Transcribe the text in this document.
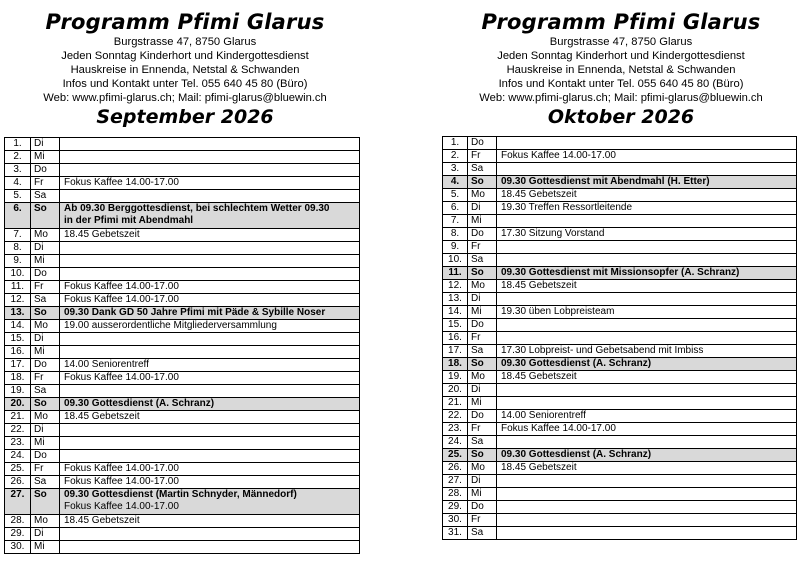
Programm Pfimi Glarus
Burgstrasse 47, 8750 Glarus
Jeden Sonntag Kinderhort und Kindergottesdienst
Hauskreise in Ennenda, Netstal & Schwanden
Infos und Kontakt unter Tel. 055 640 45 80 (Büro)
Web: www.pfimi-glarus.ch; Mail: pfimi-glarus@bluewin.ch
September 2026
1.	Di	

2.	Mi	

3.	Do	

4.	Fr	Fokus Kaffee 14.00-17.00

5.	Sa	

6.	So	Ab 09.30 Berggottesdienst, bei schlechtem Wetter 09.30
in der Pfimi mit Abendmahl

7.	Mo	18.45 Gebetszeit

8.	Di	

9.	Mi	

10.	Do	

11.	Fr	Fokus Kaffee 14.00-17.00

12.	Sa	Fokus Kaffee 14.00-17.00

13.	So	09.30 Dank GD 50 Jahre Pfimi mit Päde & Sybille Noser

14.	Mo	19.00 ausserordentliche Mitgliederversammlung

15.	Di	

16.	Mi	

17.	Do	14.00 Seniorentreff

18.	Fr	Fokus Kaffee 14.00-17.00

19.	Sa	

20.	So	09.30 Gottesdienst (A. Schranz)

21.	Mo	18.45 Gebetszeit

22.	Di	

23.	Mi	

24.	Do	

25.	Fr	Fokus Kaffee 14.00-17.00

26.	Sa	Fokus Kaffee 14.00-17.00

27.	So	09.30 Gottesdienst (Martin Schnyder, Männedorf)
Fokus Kaffee 14.00-17.00

28.	Mo	18.45 Gebetszeit

29.	Di	

30.	Mi	
Programm Pfimi Glarus
Burgstrasse 47, 8750 Glarus
Jeden Sonntag Kinderhort und Kindergottesdienst
Hauskreise in Ennenda, Netstal & Schwanden
Infos und Kontakt unter Tel. 055 640 45 80 (Büro)
Web: www.pfimi-glarus.ch; Mail: pfimi-glarus@bluewin.ch
Oktober 2026
1.	Do	

2.	Fr	Fokus Kaffee 14.00-17.00

3.	Sa	

4.	So	09.30 Gottesdienst mit Abendmahl (H. Etter)

5.	Mo	18.45 Gebetszeit

6.	Di	19.30 Treffen Ressortleitende

7.	Mi	

8.	Do	17.30 Sitzung Vorstand

9.	Fr	

10.	Sa	

11.	So	09.30 Gottesdienst mit Missionsopfer (A. Schranz)

12.	Mo	18.45 Gebetszeit

13.	Di	

14.	Mi	19.30 üben Lobpreisteam

15.	Do	

16.	Fr	

17.	Sa	17.30 Lobpreist- und Gebetsabend mit Imbiss

18.	So	09.30 Gottesdienst (A. Schranz)

19.	Mo	18.45 Gebetszeit

20.	Di	

21.	Mi	

22.	Do	14.00 Seniorentreff

23.	Fr	Fokus Kaffee 14.00-17.00

24.	Sa	

25.	So	09.30 Gottesdienst (A. Schranz)

26.	Mo	18.45 Gebetszeit

27.	Di	

28.	Mi	

29.	Do	

30.	Fr	

31.	Sa	
